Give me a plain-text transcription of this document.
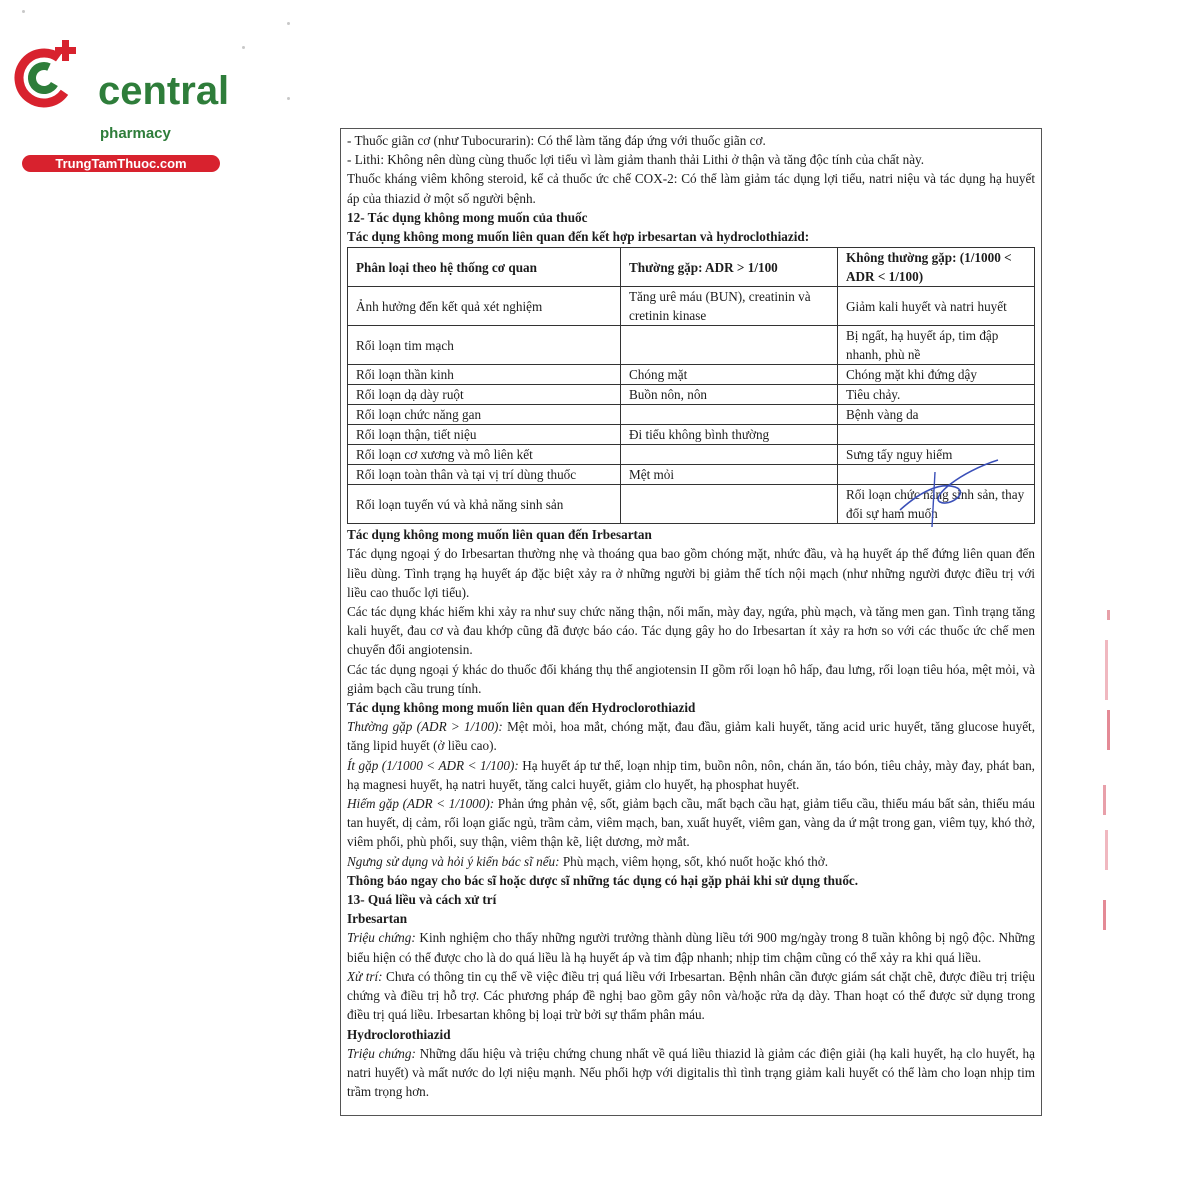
central
pharmacy
TrungTamThuoc.com

- Thuốc giãn cơ (như Tubocurarin): Có thể làm tăng đáp ứng với thuốc giãn cơ.

- Lithi: Không nên dùng cùng thuốc lợi tiểu vì làm giảm thanh thải Lithi ở thận và tăng độc tính của chất này.

Thuốc kháng viêm không steroid, kể cả thuốc ức chế COX-2: Có thể làm giảm tác dụng lợi tiểu, natri niệu và tác dụng hạ huyết áp của thiazid ở một số người bệnh.

12- Tác dụng không mong muốn của thuốc

Tác dụng không mong muốn liên quan đến kết hợp irbesartan và hydroclothiazid:

Phân loại theo hệ thống cơ quan	Thường gặp: ADR > 1/100	Không thường gặp: (1/1000 < ADR < 1/100)
Ảnh hưởng đến kết quả xét nghiệm	Tăng urê máu (BUN), creatinin và cretinin kinase	Giảm kali huyết và natri huyết
Rối loạn tim mạch		Bị ngất, hạ huyết áp, tim đập nhanh, phù nề
Rối loạn thần kinh	Chóng mặt	Chóng mặt khi đứng dậy
Rối loạn dạ dày ruột	Buồn nôn, nôn	Tiêu chảy.
Rối loạn chức năng gan		Bệnh vàng da
Rối loạn thận, tiết niệu	Đi tiểu không bình thường	
Rối loạn cơ xương và mô liên kết		Sưng tấy nguy hiểm
Rối loạn toàn thân và tại vị trí dùng thuốc	Mệt mỏi	
Rối loạn tuyến vú và khả năng sinh sản		Rối loạn chức năng sinh sản, thay đổi sự ham muốn

Tác dụng không mong muốn liên quan đến Irbesartan

Tác dụng ngoại ý do Irbesartan thường nhẹ và thoáng qua bao gồm chóng mặt, nhức đầu, và hạ huyết áp thế đứng liên quan đến liều dùng. Tình trạng hạ huyết áp đặc biệt xảy ra ở những người bị giảm thể tích nội mạch (như những người được điều trị với liều cao thuốc lợi tiểu).

Các tác dụng khác hiếm khi xảy ra như suy chức năng thận, nổi mẩn, mày đay, ngứa, phù mạch, và tăng men gan. Tình trạng tăng kali huyết, đau cơ và đau khớp cũng đã được báo cáo. Tác dụng gây ho do Irbesartan ít xảy ra hơn so với các thuốc ức chế men chuyển đổi angiotensin.

Các tác dụng ngoại ý khác do thuốc đối kháng thụ thể angiotensin II gồm rối loạn hô hấp, đau lưng, rối loạn tiêu hóa, mệt mỏi, và giảm bạch cầu trung tính.

Tác dụng không mong muốn liên quan đến Hydroclorothiazid

Thường gặp (ADR > 1/100): Mệt mỏi, hoa mắt, chóng mặt, đau đầu, giảm kali huyết, tăng acid uric huyết, tăng glucose huyết, tăng lipid huyết (ở liều cao).

Ít gặp (1/1000 < ADR < 1/100): Hạ huyết áp tư thế, loạn nhịp tim, buồn nôn, nôn, chán ăn, táo bón, tiêu chảy, mày đay, phát ban, hạ magnesi huyết, hạ natri huyết, tăng calci huyết, giảm clo huyết, hạ phosphat huyết.

Hiếm gặp (ADR < 1/1000): Phản ứng phản vệ, sốt, giảm bạch cầu, mất bạch cầu hạt, giảm tiểu cầu, thiếu máu bất sản, thiếu máu tan huyết, dị cảm, rối loạn giấc ngủ, trầm cảm, viêm mạch, ban, xuất huyết, viêm gan, vàng da ứ mật trong gan, viêm tụy, khó thở, viêm phổi, phù phổi, suy thận, viêm thận kẽ, liệt dương, mờ mắt.

Ngưng sử dụng và hỏi ý kiến bác sĩ nếu: Phù mạch, viêm họng, sốt, khó nuốt hoặc khó thở.

Thông báo ngay cho bác sĩ hoặc dược sĩ những tác dụng có hại gặp phải khi sử dụng thuốc.

13- Quá liều và cách xử trí

Irbesartan

Triệu chứng: Kinh nghiệm cho thấy những người trưởng thành dùng liều tới 900 mg/ngày trong 8 tuần không bị ngộ độc. Những biểu hiện có thể được cho là do quá liều là hạ huyết áp và tim đập nhanh; nhịp tim chậm cũng có thể xảy ra khi quá liều.

Xử trí: Chưa có thông tin cụ thể về việc điều trị quá liều với Irbesartan. Bệnh nhân cần được giám sát chặt chẽ, được điều trị triệu chứng và điều trị hỗ trợ. Các phương pháp đề nghị bao gồm gây nôn và/hoặc rửa dạ dày. Than hoạt có thể được sử dụng trong điều trị quá liều. Irbesartan không bị loại trừ bởi sự thẩm phân máu.

Hydroclorothiazid

Triệu chứng: Những dấu hiệu và triệu chứng chung nhất về quá liều thiazid là giảm các điện giải (hạ kali huyết, hạ clo huyết, hạ natri huyết) và mất nước do lợi niệu mạnh. Nếu phối hợp với digitalis thì tình trạng giảm kali huyết có thể làm cho loạn nhịp tim trầm trọng hơn.
